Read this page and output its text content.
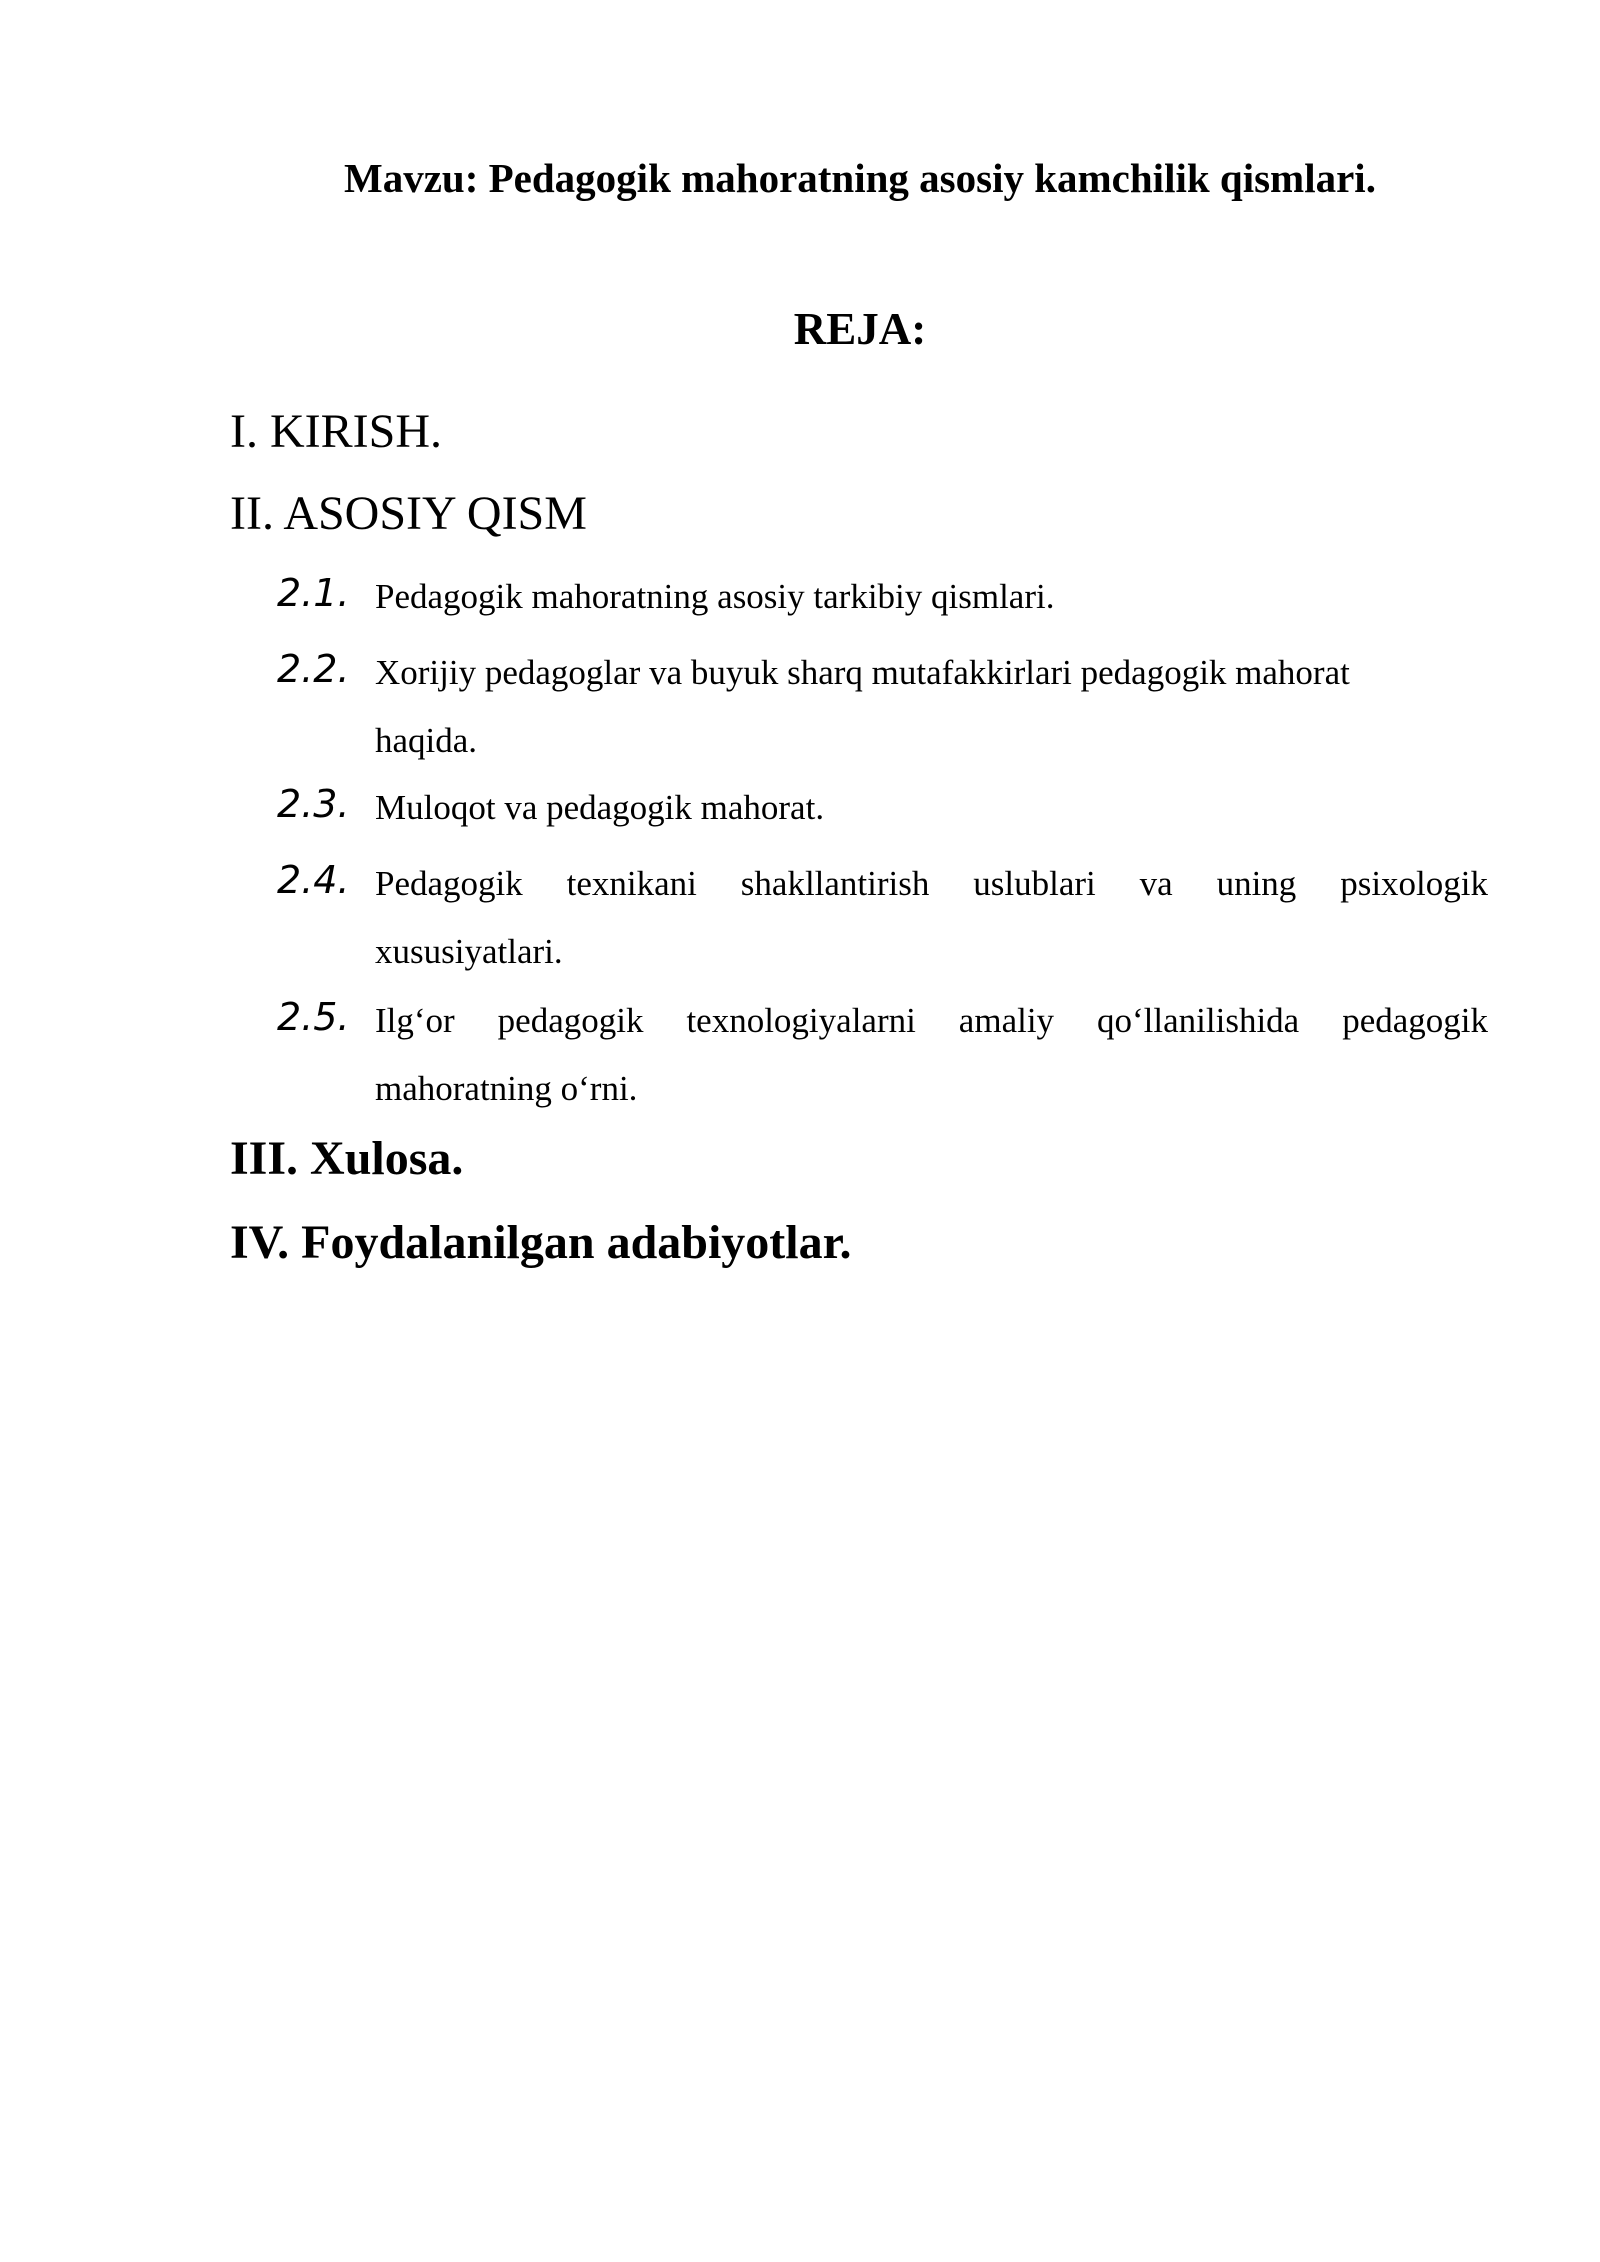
Mavzu: Pedagogik mahoratning asosiy kamchilik qismlari.
REJA:
I. KIRISH.
II. ASOSIY QISM
2.1. Pedagogik mahoratning asosiy tarkibiy qismlari.
2.2. Xorijiy pedagoglar va buyuk sharq mutafakkirlari pedagogik mahorat
haqida.
2.3. Muloqot va pedagogik mahorat.
2.4. Pedagogik texnikani shakllantirish uslublari va uning psixologik
xususiyatlari.
2.5. Ilg‘or pedagogik texnologiyalarni amaliy qo‘llanilishida pedagogik
mahoratning o‘rni.
III. Xulosa.
IV. Foydalanilgan adabiyotlar.
